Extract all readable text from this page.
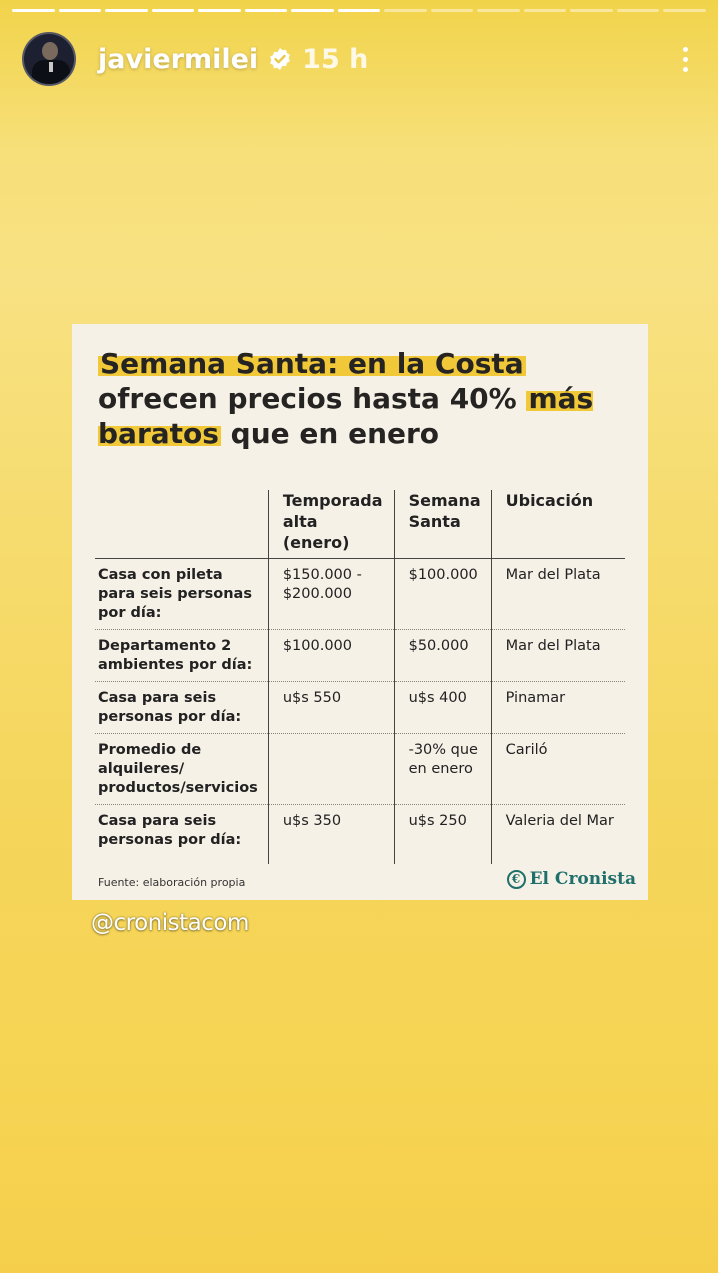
javiermilei 15 h
Semana Santa: en la Costa ofrecen precios hasta 40% más baratos que en enero
	Temporada alta (enero)	Semana Santa	Ubicación
Casa con pileta para seis personas por día:	$150.000 - $200.000	$100.000	Mar del Plata
Departamento 2 ambientes por día:	$100.000	$50.000	Mar del Plata
Casa para seis personas por día:	u$s 550	u$s 400	Pinamar
Promedio de alquileres/ productos/servicios		-30% que en enero	Cariló
Casa para seis personas por día:	u$s 350	u$s 250	Valeria del Mar
Fuente: elaboración propia	€ El Cronista
@cronistacom
